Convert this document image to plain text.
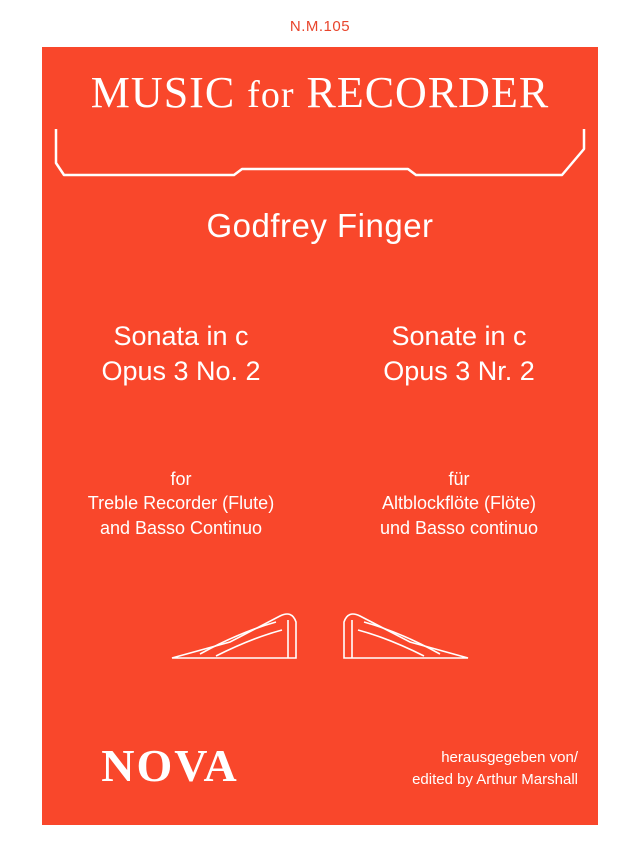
N.M.105
MUSIC for RECORDER
Godfrey Finger
Sonata in c
Opus 3 No. 2
Sonate in c
Opus 3 Nr. 2
for
Treble Recorder (Flute)
and Basso Continuo
für
Altblockflöte (Flöte)
und Basso continuo
NOVA	herausgegeben von/
edited by Arthur Marshall
